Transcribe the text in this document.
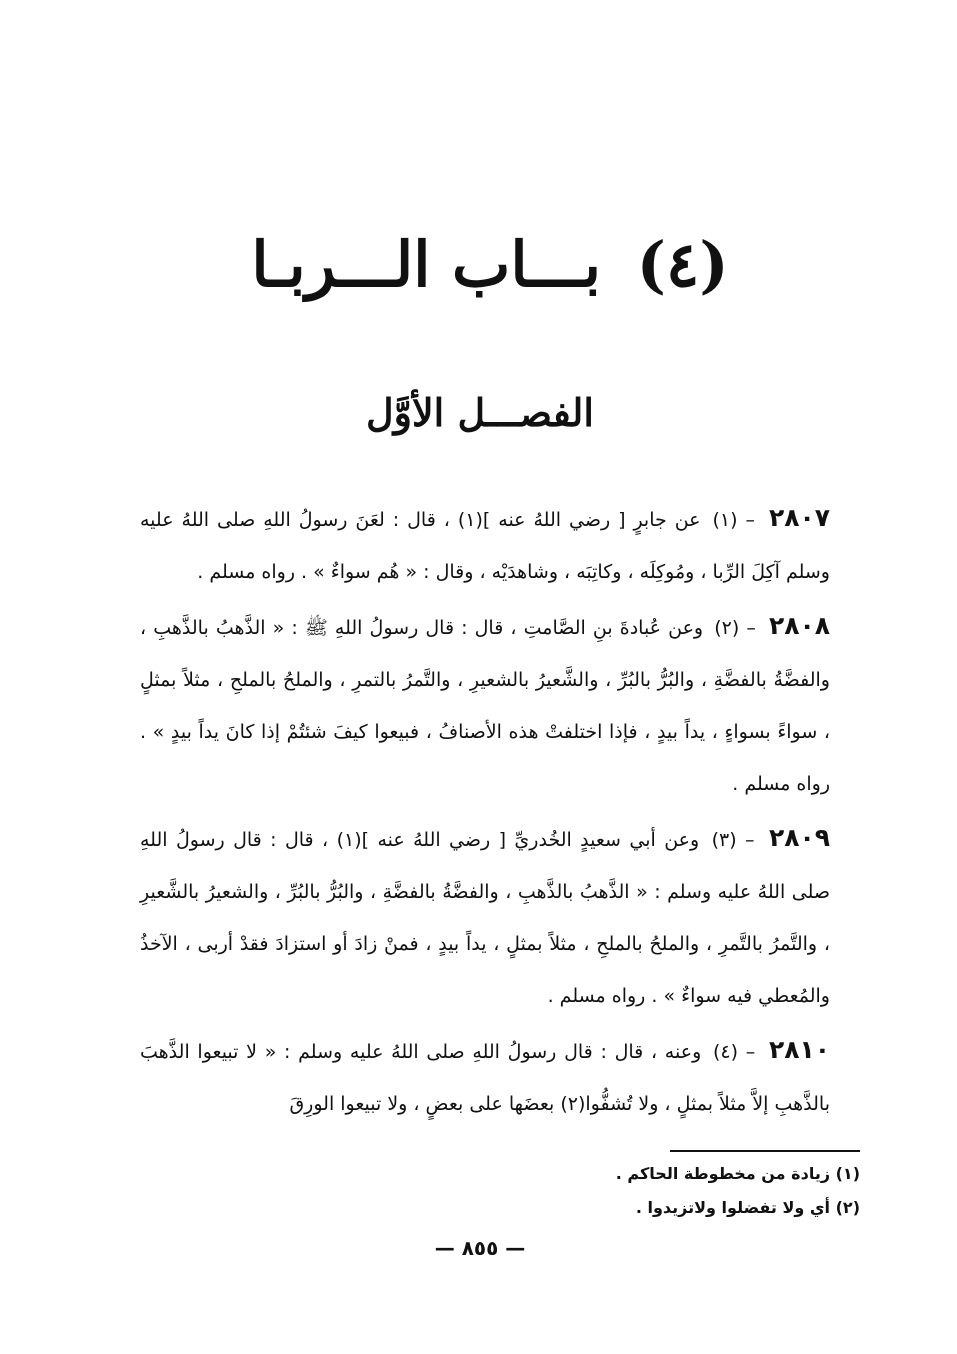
(٤) بـــاب الـــربـا
الفصـــل الأوَّل

٢٨٠٧ – (١) عن جابرٍ [ رضي اللهُ عنه ](١) ، قال : لعَنَ رسولُ اللهِ صلى اللهُ عليه وسلم آكِلَ الرِّبا ، ومُوكِلَه ، وكاتِبَه ، وشاهدَيْه ، وقال : « هُم سواءٌ » . رواه مسلم .

٢٨٠٨ – (٢) وعن عُبادةَ بنِ الصَّامتِ ، قال : قال رسولُ اللهِ ﷺ : « الذَّهبُ بالذَّهبِ ، والفضَّةُ بالفضَّةِ ، والبُرُّ بالبُرِّ ، والشَّعيرُ بالشعيرِ ، والتَّمرُ بالتمرِ ، والملحُ بالملحِ ، مثلاً بمثلٍ ، سواءً بسواءٍ ، يداً بيدٍ ، فإذا اختلفتْ هذه الأصنافُ ، فبيعوا كيفَ شئتُمْ إذا كانَ يداً بيدٍ » . رواه مسلم .

٢٨٠٩ – (٣) وعن أبي سعيدٍ الخُدريِّ [ رضي اللهُ عنه ](١) ، قال : قال رسولُ اللهِ صلى اللهُ عليه وسلم : « الذَّهبُ بالذَّهبِ ، والفضَّةُ بالفضَّةِ ، والبُرُّ بالبُرِّ ، والشعيرُ بالشَّعيرِ ، والتَّمرُ بالتَّمرِ ، والملحُ بالملحِ ، مثلاً بمثلٍ ، يداً بيدٍ ، فمنْ زادَ أو استزادَ فقدْ أربى ، الآخذُ والمُعطي فيه سواءٌ » . رواه مسلم .

٢٨١٠ – (٤) وعنه ، قال : قال رسولُ اللهِ صلى اللهُ عليه وسلم : « لا تبيعوا الذَّهبَ بالذَّهبِ إلاَّ مثلاً بمثلٍ ، ولا تُشفُّوا(٢) بعضَها على بعضٍ ، ولا تبيعوا الورِقَ

(١) زيادة من مخطوطة الحاكم .

(٢) أي ولا تفضلوا ولاتزيدوا .

— ٨٥٥ —
